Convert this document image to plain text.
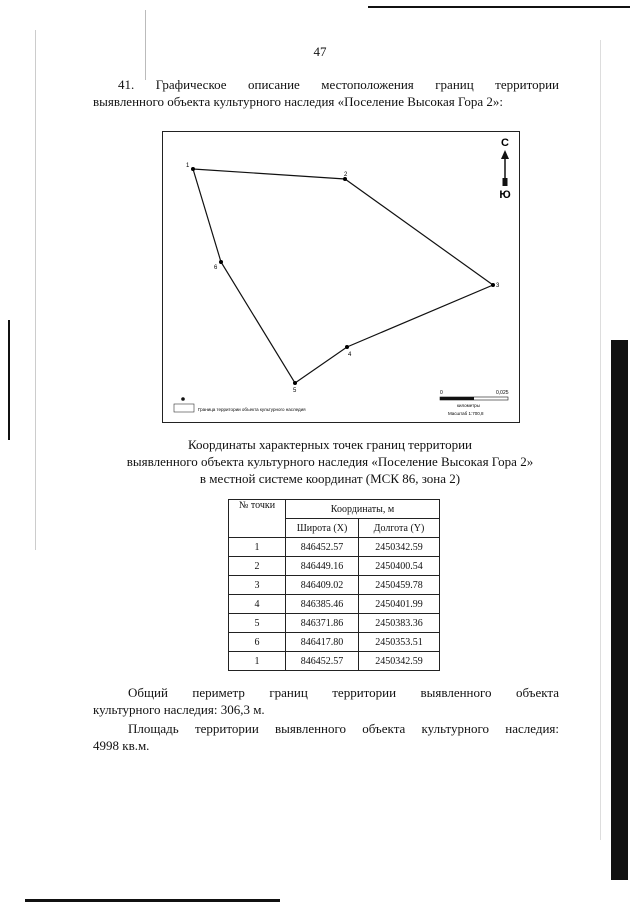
47
41. Графическое описание местоположения границ территории
выявленного объекта культурного наследия «Поселение Высокая Гора 2»:
1
2
3
4
5
6
С
Ю
Граница территории объекта культурного наследия
0	0,025
километры
Масштаб 1:700,8
Координаты характерных точек границ территории
выявленного объекта культурного наследия «Поселение Высокая Гора 2»
в местной системе координат (МСК 86, зона 2)
№ точки	Координаты, м	
	Широта (X)	Долгота (Y)
1	846452.57	2450342.59
2	846449.16	2450400.54
3	846409.02	2450459.78
4	846385.46	2450401.99
5	846371.86	2450383.36
6	846417.80	2450353.51
1	846452.57	2450342.59
Общий периметр границ территории выявленного объекта
культурного наследия: 306,3 м.
Площадь территории выявленного объекта культурного наследия:
4998 кв.м.
